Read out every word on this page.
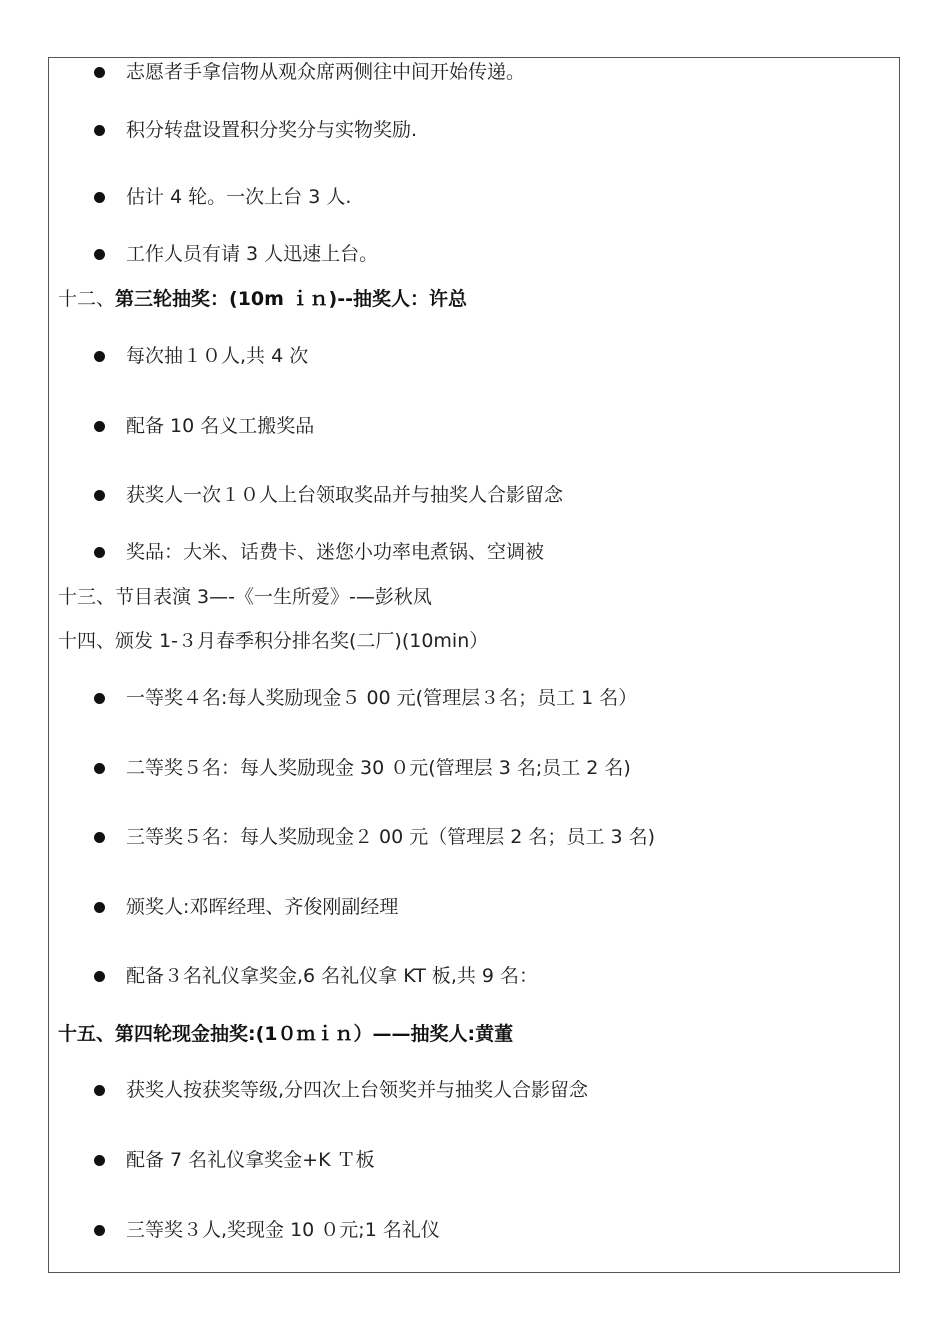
志愿者手拿信物从观众席两侧往中间开始传递。
积分转盘设置积分奖分与实物奖励.
估计 4 轮。一次上台 3 人.
工作人员有请 3 人迅速上台。
十二、第三轮抽奖：(10m ｉｎ)--抽奖人：许总
每次抽１０人,共 4 次
配备 10 名义工搬奖品
获奖人一次１０人上台领取奖品并与抽奖人合影留念
奖品：大米、话费卡、迷您小功率电煮锅、空调被
十三、节目表演 3—-《一生所爱》-—彭秋凤
十四、颁发 1-３月春季积分排名奖(二厂)(10min）
一等奖４名:每人奖励现金５ 00 元(管理层３名；员工 1 名）
二等奖５名：每人奖励现金 30 ０元(管理层 3 名;员工 2 名)
三等奖５名：每人奖励现金２ 00 元（管理层 2 名；员工 3 名)
颁奖人:邓晖经理、齐俊刚副经理
配备３名礼仪拿奖金,6 名礼仪拿 KT 板,共 9 名：
十五、第四轮现金抽奖:(1０ｍｉｎ）——抽奖人:黄董
获奖人按获奖等级,分四次上台领奖并与抽奖人合影留念
配备 7 名礼仪拿奖金+K Ｔ板
三等奖３人,奖现金 10 ０元;1 名礼仪
